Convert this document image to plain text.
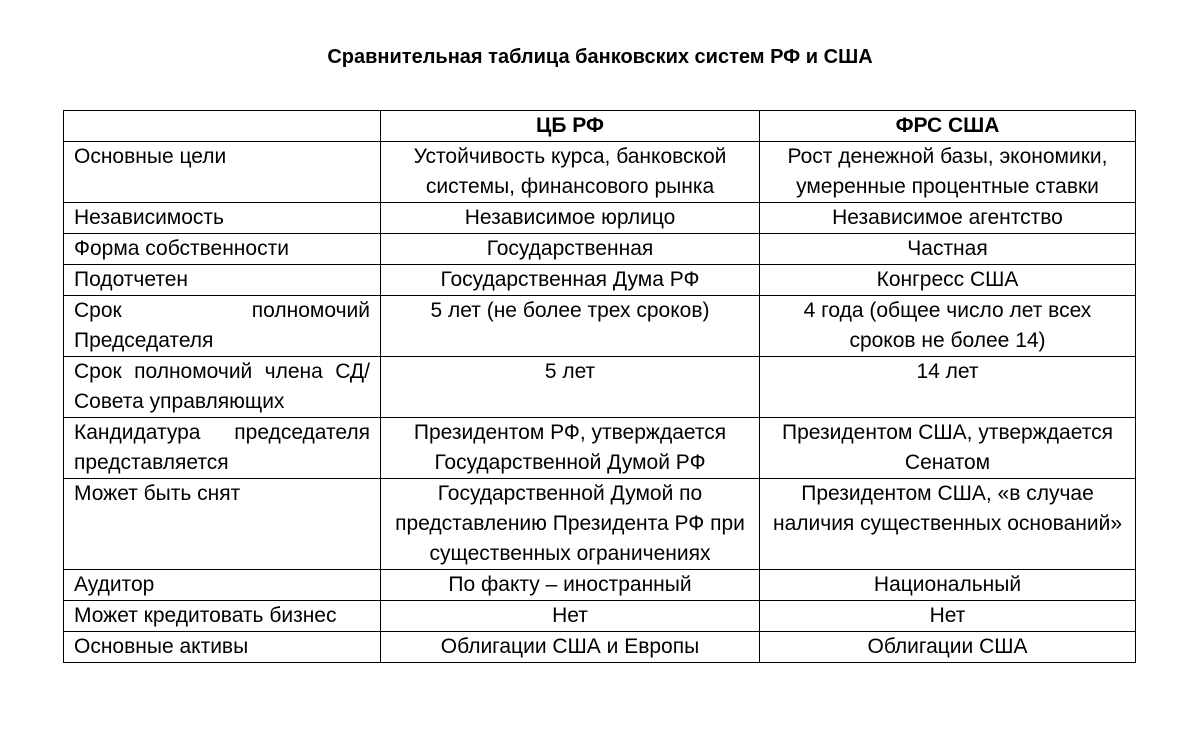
Сравнительная таблица банковских систем РФ и США
	ЦБ РФ	ФРС США
Основные цели	Устойчивость курса, банковской системы, финансового рынка	Рост денежной базы, экономики, умеренные процентные ставки
Независимость	Независимое юрлицо	Независимое агентство
Форма собственности	Государственная	Частная
Подотчетен	Государственная Дума РФ	Конгресс США
Срок полномочий Председателя	5 лет (не более трех сроков)	4 года (общее число лет всех сроков не более 14)
Срок полномочий члена СД/Совета управляющих	5 лет	14 лет
Кандидатура председателя представляется	Президентом РФ, утверждается Государственной Думой РФ	Президентом США, утверждается Сенатом
Может быть снят	Государственной Думой по представлению Президента РФ при существенных ограничениях	Президентом США, «в случае наличия существенных оснований»
Аудитор	По факту – иностранный	Национальный
Может кредитовать бизнес	Нет	Нет
Основные активы	Облигации США и Европы	Облигации США
